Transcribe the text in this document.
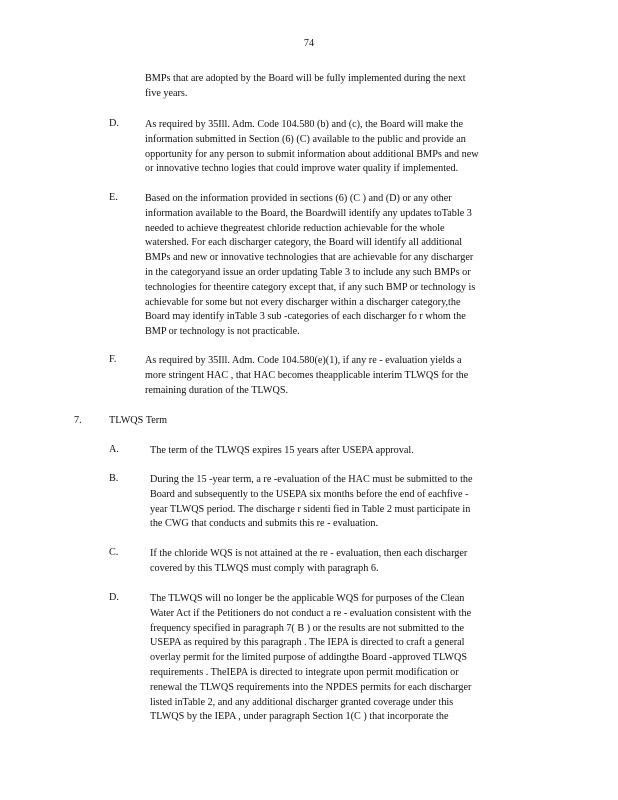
74
BMPs that are adopted by the Board will be fully implemented during the next
five years.
D.	As required by 35Ill. Adm. Code 104.580 (b) and (c), the Board will make the
information submitted in Section (6) (C) available to the public and provide an
opportunity for any person to submit information about additional BMPs and new
or innovative techno logies that could improve water quality if implemented.
E.	Based on the information provided in sections (6) (C ) and (D) or any other
information available to the Board, the Boardwill identify any updates toTable 3
needed to achieve thegreatest chloride reduction achievable for the whole
watershed. For each discharger category, the Board will identify all additional
BMPs and new or innovative technologies that are achievable for any discharger
in the categoryand issue an order updating Table 3 to include any such BMPs or
technologies for theentire category except that, if any such BMP or technology is
achievable for some but not every discharger within a discharger category,the
Board may identify inTable 3 sub -categories of each discharger fo r whom the
BMP or technology is not practicable.
F.	As required by 35Ill. Adm. Code 104.580(e)(1), if any re - evaluation yields a
more stringent HAC , that HAC becomes theapplicable interim TLWQS for the
remaining duration of the TLWQS.
7.	TLWQS Term
A.	The term of the TLWQS expires 15 years after USEPA approval.
B.	During the 15 -year term, a re -evaluation of the HAC must be submitted to the
Board and subsequently to the USEPA six months before the end of eachfive -
year TLWQS period. The discharge r sidenti fied in Table 2 must participate in
the CWG that conducts and submits this re - evaluation.
C.	If the chloride WQS is not attained at the re - evaluation, then each discharger
covered by this TLWQS must comply with paragraph 6.
D.	The TLWQS will no longer be the applicable WQS for purposes of the Clean
Water Act if the Petitioners do not conduct a re - evaluation consistent with the
frequency specified in paragraph 7( B ) or the results are not submitted to the
USEPA as required by this paragraph . The IEPA is directed to craft a general
overlay permit for the limited purpose of addingthe Board -approved TLWQS
requirements . TheIEPA is directed to integrate upon permit modification or
renewal the TLWQS requirements into the NPDES permits for each discharger
listed inTable 2, and any additional discharger granted coverage under this
TLWQS by the IEPA , under paragraph Section 1(C ) that incorporate the
